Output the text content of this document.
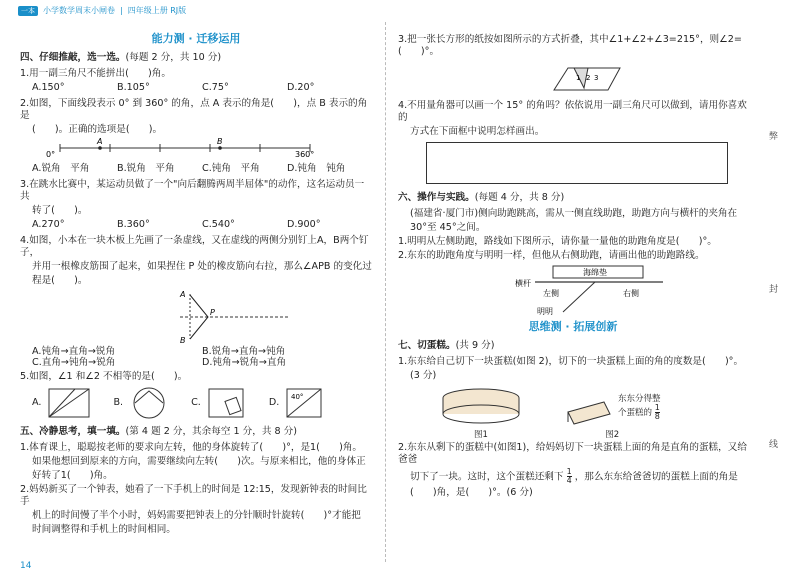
一本	小学数学周末小闸卷 | 四年级上册 RJ版
能力测 · 迁移运用
四、仔细推敲，选一选。(每题 2 分，共 10 分)

1.用一副三角尺不能拼出(　　)角。

A.150°	B.105°	C.75°	D.20°

2.如图，下面线段表示 0° 到 360° 的角，点 A 表示的角是(　　)，点 B 表示的角是

(　　)。正确的选项是(　　)。

0°
A	B
360°
A.锐角　平角	B.锐角　平角	C.钝角　平角	D.钝角　钝角

3.在跳水比赛中，某运动员做了一个"向后翻腾两周半屈体"的动作，这名运动员一共

转了(　　)。

A.270°	B.360°	C.540°	D.900°

4.如图，小本在一块木板上先画了一条虚线，又在虚线的两侧分别钉上A，B两个钉子，

并用一根橡皮筋围了起来，如果捏住 P 处的橡皮筋向右拉，那么∠APB 的变化过

程是(　　)。

A
P
B
A.钝角→直角→锐角	B.锐角→直角→钝角
C.直角→钝角→锐角	D.钝角→锐角→直角

5.如图，∠1 和∠2 不相等的是(　　)。

A.	B.	C.	D. 40°
五、冷静思考，填一填。(第 4 题 2 分，其余每空 1 分，共 8 分)

1.体育课上，聪聪按老师的要求向左转，他的身体旋转了(　　)°，是1(　　)角。

如果他想回到原来的方向，需要继续向左转(　　)次。与原来相比，他的身体正

好转了1(　　)角。

2.妈妈新买了一个钟表，她看了一下手机上的时间是 12:15，发现新钟表的时间比手

机上的时间慢了半个小时，妈妈需要把钟表上的分针顺时针旋转(　　)°才能把

时间调整得和手机上的时间相同。

14

3.把一张长方形的纸按如图所示的方式折叠，其中∠1+∠2+∠3=215°，则∠2=(　　)°。

1 2 3

4.不用量角器可以画一个 15° 的角吗？依依说用一副三角尺可以做到，请用你喜欢的

方式在下面框中说明怎样画出。

六、操作与实践。(每题 4 分，共 8 分)

(福建省·厦门市)侧向助跑跳高，需从一侧直线助跑，助跑方向与横杆的夹角在

30°至 45°之间。

1.明明从左侧助跑，路线如下图所示，请你量一量他的助跑角度是(　　)°。

2.东东的助跑角度与明明一样，但他从右侧助跑，请画出他的助跑路线。

海绵垫
横杆
左侧	右侧
明明
思维测 · 拓展创新
七、切蛋糕。(共 9 分)

1.东东给自己切下一块蛋糕(如图 2)，切下的一块蛋糕上面的角的度数是(　　)°。

(3 分)

图1
东东分得整
个蛋糕的 $\frac{1}{8}$
图2

2.东东从剩下的蛋糕中(如图1)，给妈妈切下一块蛋糕上面的角是直角的蛋糕，又给爸爸

切下了一块。这时，这个蛋糕还剩下 $\frac{1}{4}$ ，那么东东给爸爸切的蛋糕上面的角是

(　　)角，是(　　)°。(6 分)

弊
封
线
